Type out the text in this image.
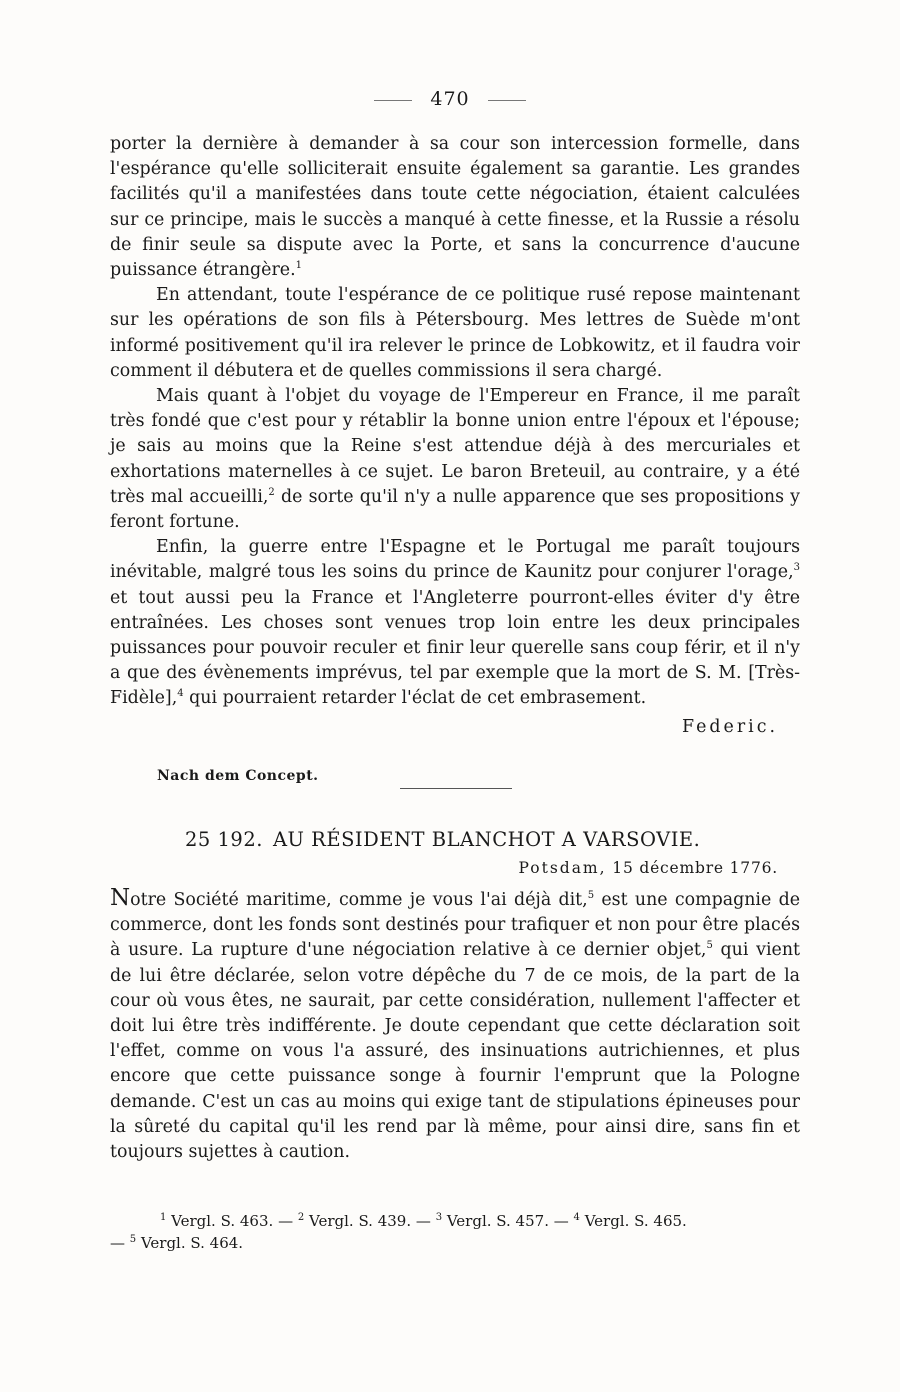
470

porter la dernière à demander à sa cour son intercession formelle, dans l'espérance qu'elle solliciterait ensuite également sa garantie. Les grandes facilités qu'il a manifestées dans toute cette négociation, étaient calculées sur ce principe, mais le succès a manqué à cette finesse, et la Russie a résolu de finir seule sa dispute avec la Porte, et sans la concurrence d'aucune puissance étrangère.$^1$

En attendant, toute l'espérance de ce politique rusé repose maintenant sur les opérations de son fils à Pétersbourg. Mes lettres de Suède m'ont informé positivement qu'il ira relever le prince de Lobkowitz, et il faudra voir comment il débutera et de quelles commissions il sera chargé.

Mais quant à l'objet du voyage de l'Empereur en France, il me paraît très fondé que c'est pour y rétablir la bonne union entre l'époux et l'épouse; je sais au moins que la Reine s'est attendue déjà à des mercuriales et exhortations maternelles à ce sujet. Le baron Breteuil, au contraire, y a été très mal accueilli,$^2$ de sorte qu'il n'y a nulle apparence que ses propositions y feront fortune.

Enfin, la guerre entre l'Espagne et le Portugal me paraît toujours inévitable, malgré tous les soins du prince de Kaunitz pour conjurer l'orage,$^3$ et tout aussi peu la France et l'Angleterre pourront-elles éviter d'y être entraînées. Les choses sont venues trop loin entre les deux principales puissances pour pouvoir reculer et finir leur querelle sans coup férir, et il n'y a que des évènements imprévus, tel par exemple que la mort de S. M. [Très-Fidèle],$^4$ qui pourraient retarder l'éclat de cet embrasement.

Federic.
Nach dem Concept.
25 192. AU RÉSIDENT BLANCHOT A VARSOVIE.
Potsdam, 15 décembre 1776.

Notre Société maritime, comme je vous l'ai déjà dit,$^5$ est une compagnie de commerce, dont les fonds sont destinés pour trafiquer et non pour être placés à usure. La rupture d'une négociation relative à ce dernier objet,$^5$ qui vient de lui être déclarée, selon votre dépêche du 7 de ce mois, de la part de la cour où vous êtes, ne saurait, par cette considération, nullement l'affecter et doit lui être très indifférente. Je doute cependant que cette déclaration soit l'effet, comme on vous l'a assuré, des insinuations autrichiennes, et plus encore que cette puissance songe à fournir l'emprunt que la Pologne demande. C'est un cas au moins qui exige tant de stipulations épineuses pour la sûreté du capital qu'il les rend par là même, pour ainsi dire, sans fin et toujours sujettes à caution.

$^1$ Vergl. S. 463. — $^2$ Vergl. S. 439. — $^3$ Vergl. S. 457. — $^4$ Vergl. S. 465.
— $^5$ Vergl. S. 464.
